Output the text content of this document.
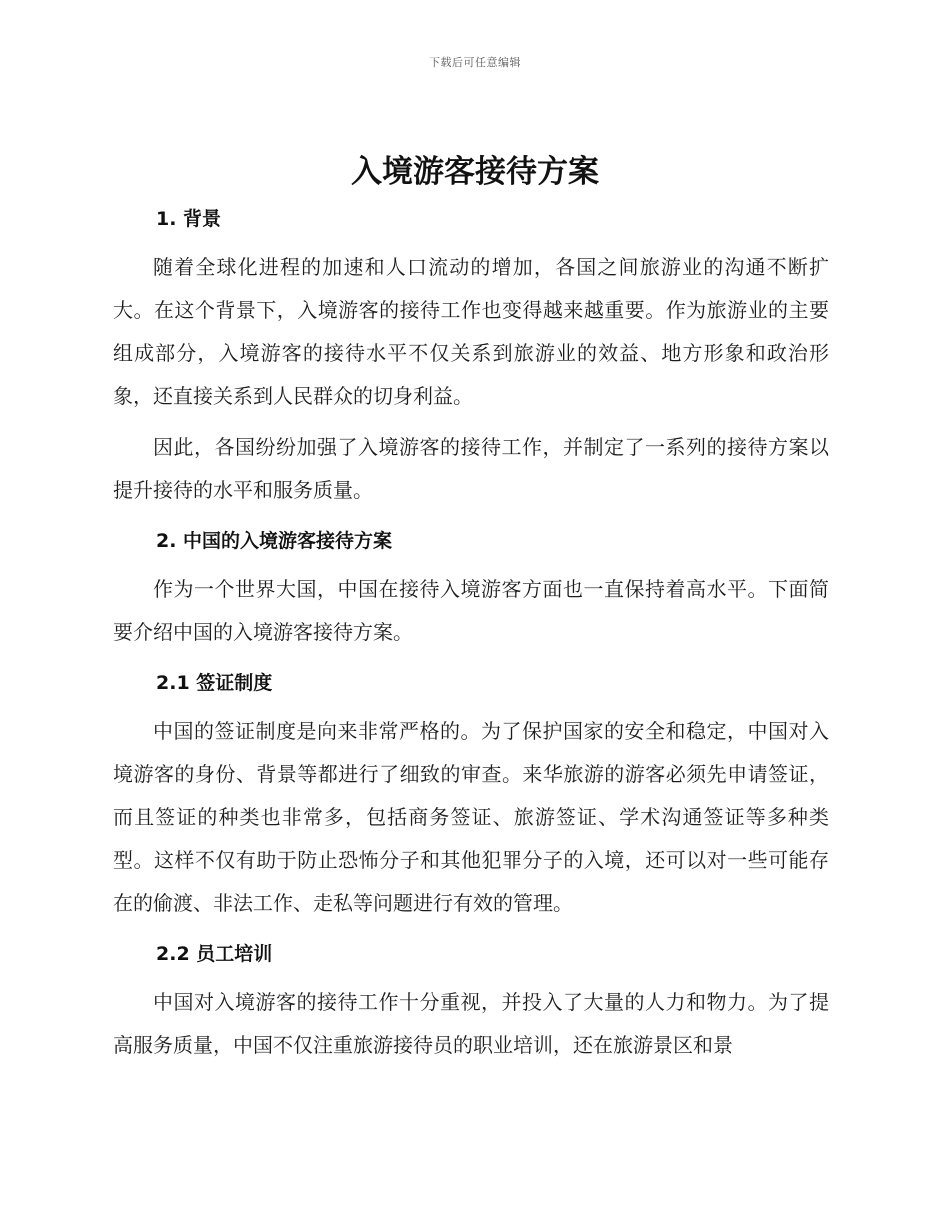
下载后可任意编辑
入境游客接待方案
1. 背景

随着全球化进程的加速和人口流动的增加，各国之间旅游业的沟通不断扩大。在这个背景下，入境游客的接待工作也变得越来越重要。作为旅游业的主要组成部分，入境游客的接待水平不仅关系到旅游业的效益、地方形象和政治形象，还直接关系到人民群众的切身利益。

因此，各国纷纷加强了入境游客的接待工作，并制定了一系列的接待方案以提升接待的水平和服务质量。

2. 中国的入境游客接待方案

作为一个世界大国，中国在接待入境游客方面也一直保持着高水平。下面简要介绍中国的入境游客接待方案。

2.1 签证制度

中国的签证制度是向来非常严格的。为了保护国家的安全和稳定，中国对入境游客的身份、背景等都进行了细致的审查。来华旅游的游客必须先申请签证，而且签证的种类也非常多，包括商务签证、旅游签证、学术沟通签证等多种类型。这样不仅有助于防止恐怖分子和其他犯罪分子的入境，还可以对一些可能存在的偷渡、非法工作、走私等问题进行有效的管理。

2.2 员工培训

中国对入境游客的接待工作十分重视，并投入了大量的人力和物力。为了提高服务质量，中国不仅注重旅游接待员的职业培训，还在旅游景区和景
